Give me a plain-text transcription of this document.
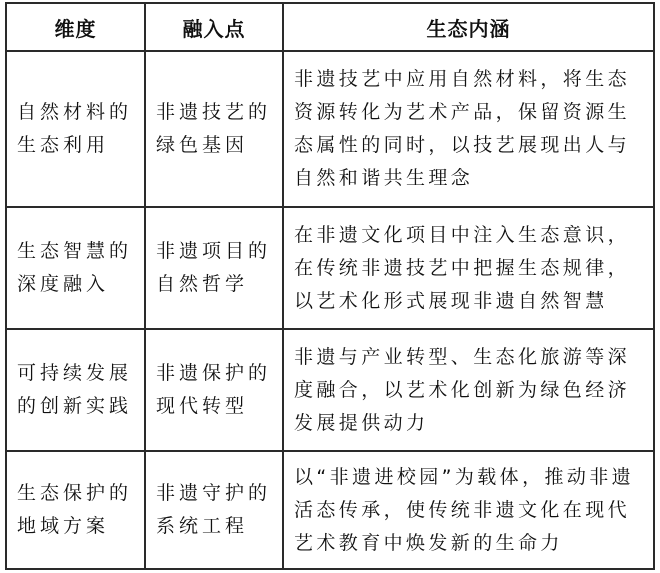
维度	融入点	生态内涵

自然材料的生态利用	非遗技艺的绿色基因	非遗技艺中应用自然材料，将生态资源转化为艺术产品，保留资源生态属性的同时，以技艺展现出人与自然和谐共生理念

生态智慧的深度融入	非遗项目的自然哲学	在非遗文化项目中注入生态意识，在传统非遗技艺中把握生态规律，以艺术化形式展现非遗自然智慧

可持续发展的创新实践	非遗保护的现代转型	非遗与产业转型、生态化旅游等深度融合，以艺术化创新为绿色经济发展提供动力

生态保护的地域方案	非遗守护的系统工程	以“非遗进校园”为载体，推动非遗活态传承，使传统非遗文化在现代艺术教育中焕发新的生命力
